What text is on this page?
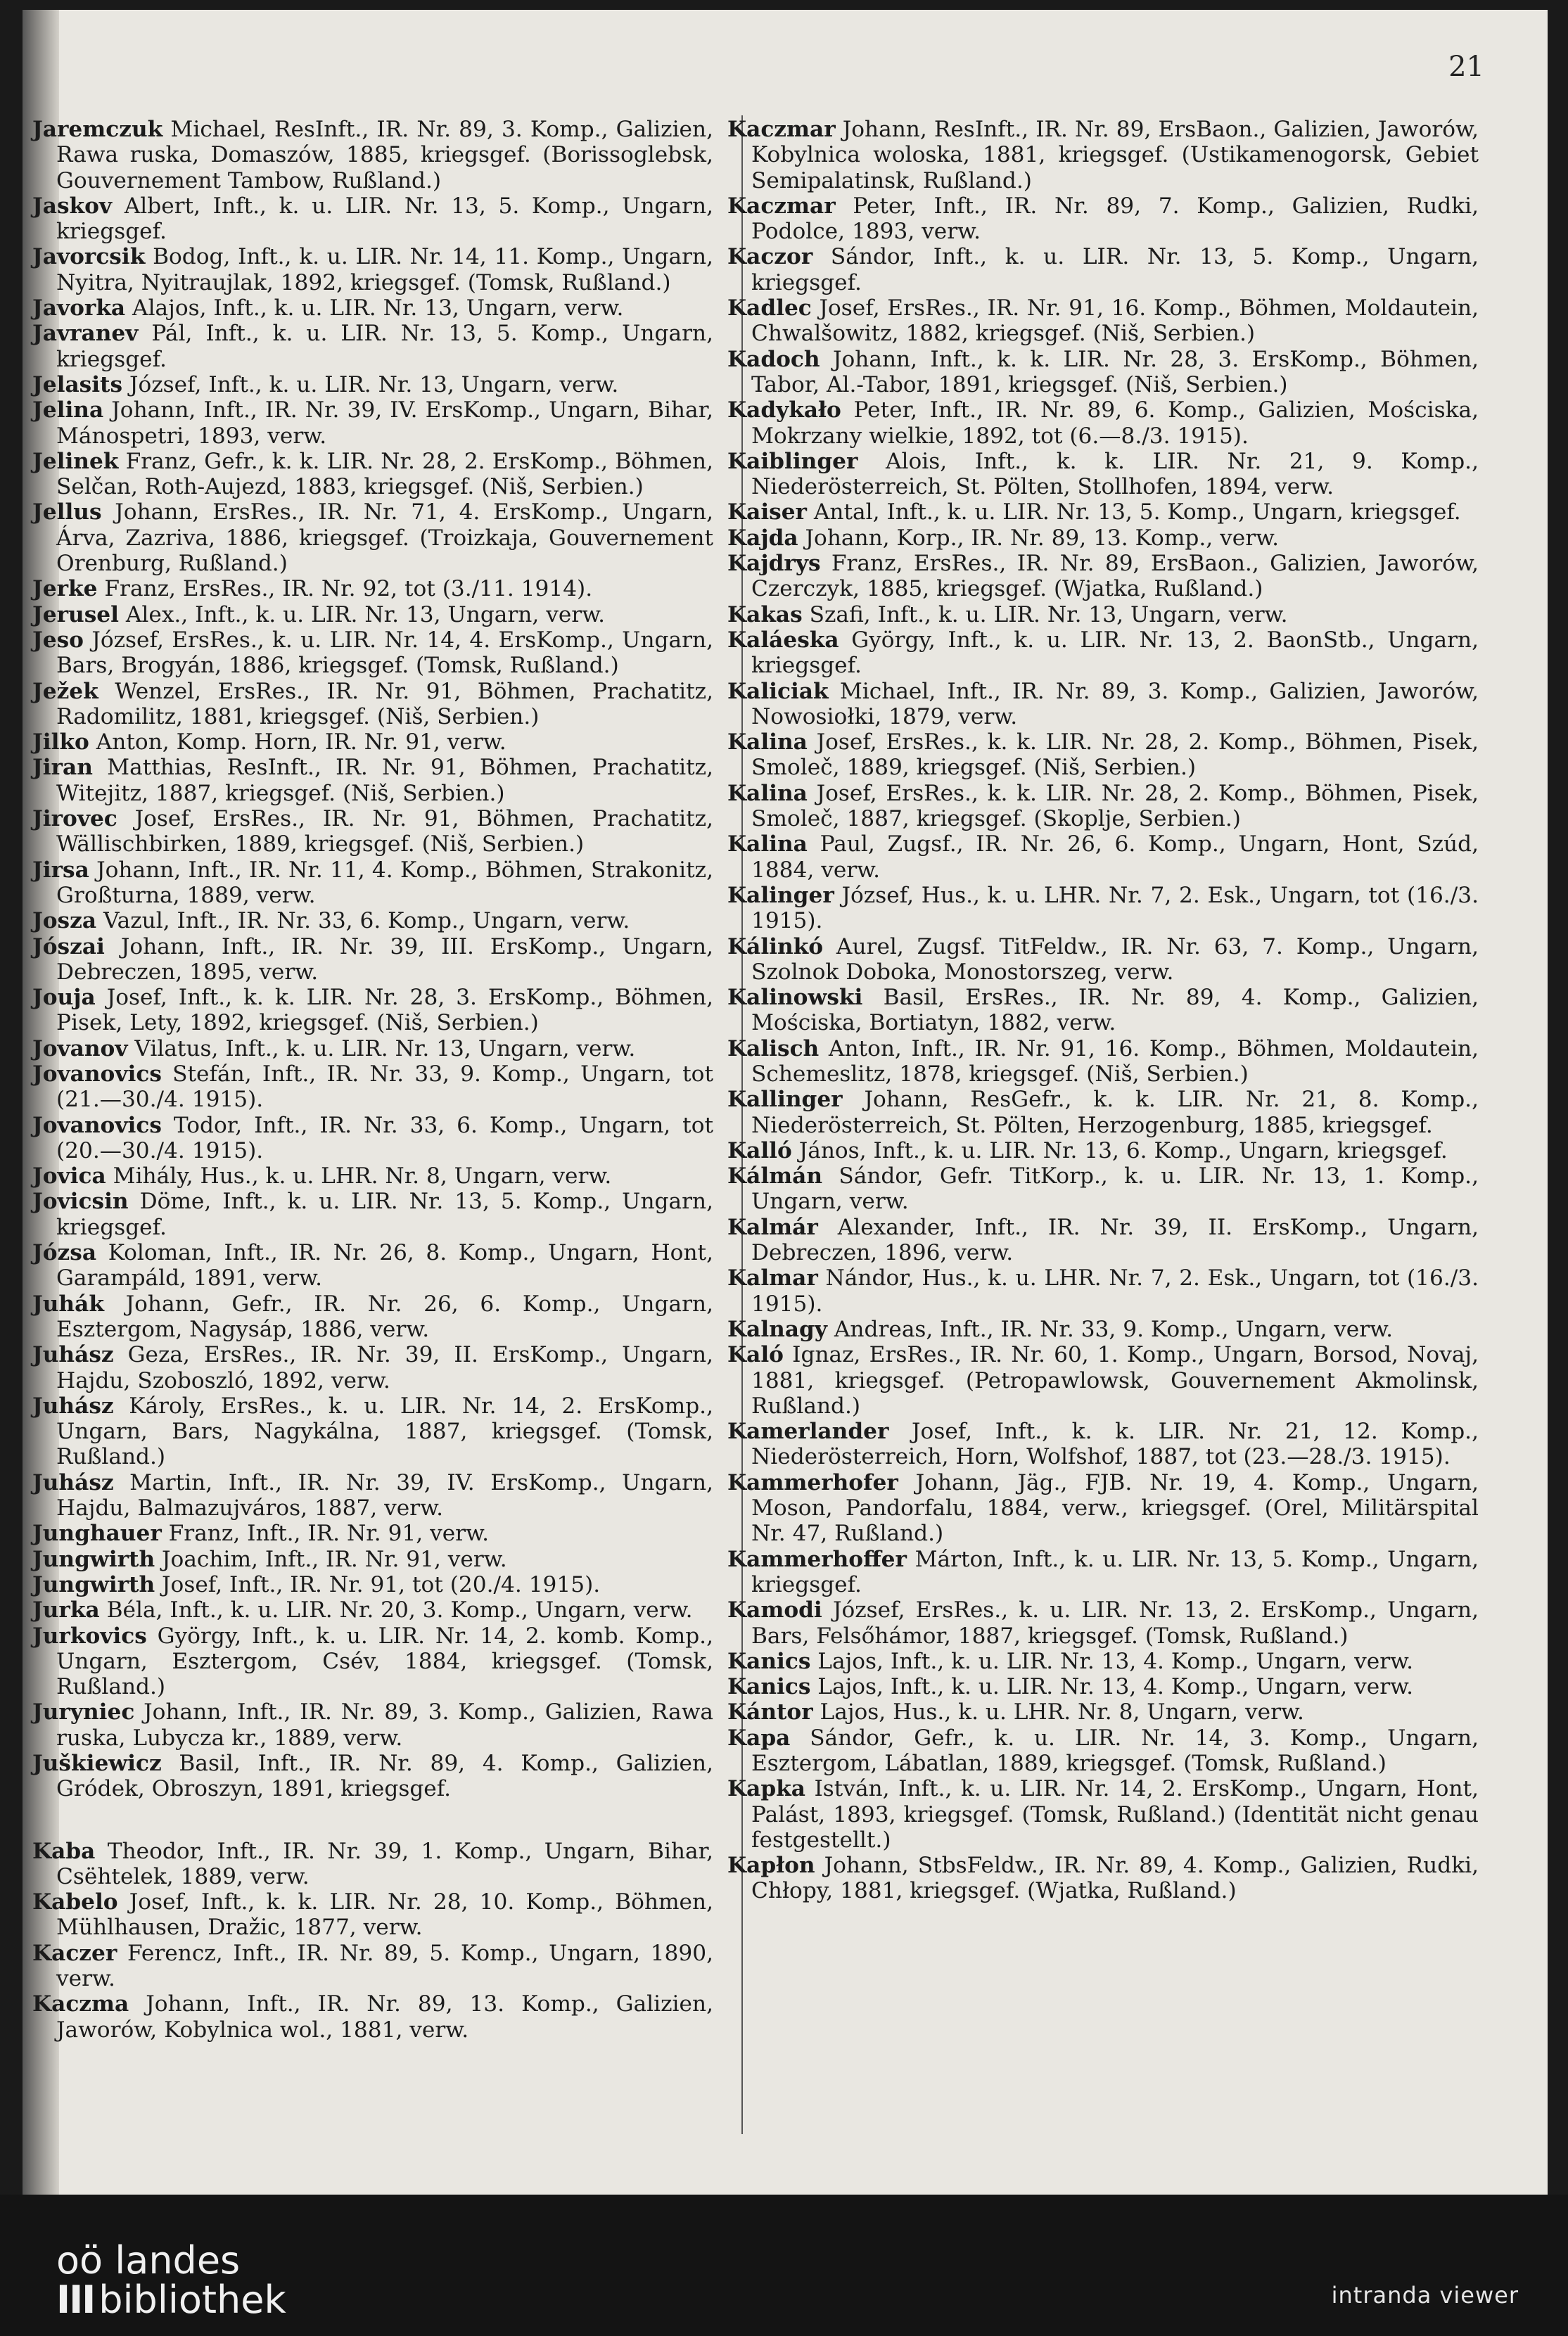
21
Jaremczuk Michael, ResInft., IR. Nr. 89, 3. Komp., Galizien, Rawa ruska, Domaszów, 1885, kriegsgef. (Borissoglebsk, Gouvernement Tambow, Rußland.)
Jaskov Albert, Inft., k. u. LIR. Nr. 13, 5. Komp., Ungarn, kriegsgef.
Javorcsik Bodog, Inft., k. u. LIR. Nr. 14, 11. Komp., Ungarn, Nyitra, Nyitraujlak, 1892, kriegsgef. (Tomsk, Rußland.)
Javorka Alajos, Inft., k. u. LIR. Nr. 13, Ungarn, verw.
Javranev Pál, Inft., k. u. LIR. Nr. 13, 5. Komp., Ungarn, kriegsgef.
Jelasits József, Inft., k. u. LIR. Nr. 13, Ungarn, verw.
Jelina Johann, Inft., IR. Nr. 39, IV. ErsKomp., Ungarn, Bihar, Mánospetri, 1893, verw.
Jelinek Franz, Gefr., k. k. LIR. Nr. 28, 2. ErsKomp., Böhmen, Selčan, Roth-Aujezd, 1883, kriegsgef. (Niš, Serbien.)
Jellus Johann, ErsRes., IR. Nr. 71, 4. ErsKomp., Ungarn, Árva, Zazriva, 1886, kriegsgef. (Troizkaja, Gouvernement Orenburg, Rußland.)
Jerke Franz, ErsRes., IR. Nr. 92, tot (3./11. 1914).
Jerusel Alex., Inft., k. u. LIR. Nr. 13, Ungarn, verw.
Jeso József, ErsRes., k. u. LIR. Nr. 14, 4. ErsKomp., Ungarn, Bars, Brogyán, 1886, kriegsgef. (Tomsk, Rußland.)
Ježek Wenzel, ErsRes., IR. Nr. 91, Böhmen, Prachatitz, Radomilitz, 1881, kriegsgef. (Niš, Serbien.)
Jilko Anton, Komp. Horn, IR. Nr. 91, verw.
Jiran Matthias, ResInft., IR. Nr. 91, Böhmen, Prachatitz, Witejitz, 1887, kriegsgef. (Niš, Serbien.)
Jirovec Josef, ErsRes., IR. Nr. 91, Böhmen, Prachatitz, Wällischbirken, 1889, kriegsgef. (Niš, Serbien.)
Jirsa Johann, Inft., IR. Nr. 11, 4. Komp., Böhmen, Strakonitz, Großturna, 1889, verw.
Josza Vazul, Inft., IR. Nr. 33, 6. Komp., Ungarn, verw.
Jószai Johann, Inft., IR. Nr. 39, III. ErsKomp., Ungarn, Debreczen, 1895, verw.
Jouja Josef, Inft., k. k. LIR. Nr. 28, 3. ErsKomp., Böhmen, Pisek, Lety, 1892, kriegsgef. (Niš, Serbien.)
Jovanov Vilatus, Inft., k. u. LIR. Nr. 13, Ungarn, verw.
Jovanovics Stefán, Inft., IR. Nr. 33, 9. Komp., Ungarn, tot (21.—30./4. 1915).
Jovanovics Todor, Inft., IR. Nr. 33, 6. Komp., Ungarn, tot (20.—30./4. 1915).
Jovica Mihály, Hus., k. u. LHR. Nr. 8, Ungarn, verw.
Jovicsin Döme, Inft., k. u. LIR. Nr. 13, 5. Komp., Ungarn, kriegsgef.
Józsa Koloman, Inft., IR. Nr. 26, 8. Komp., Ungarn, Hont, Garampáld, 1891, verw.
Juhák Johann, Gefr., IR. Nr. 26, 6. Komp., Ungarn, Esztergom, Nagysáp, 1886, verw.
Juhász Geza, ErsRes., IR. Nr. 39, II. ErsKomp., Ungarn, Hajdu, Szoboszló, 1892, verw.
Juhász Károly, ErsRes., k. u. LIR. Nr. 14, 2. ErsKomp., Ungarn, Bars, Nagykálna, 1887, kriegsgef. (Tomsk, Rußland.)
Juhász Martin, Inft., IR. Nr. 39, IV. ErsKomp., Ungarn, Hajdu, Balmazujváros, 1887, verw.
Junghauer Franz, Inft., IR. Nr. 91, verw.
Jungwirth Joachim, Inft., IR. Nr. 91, verw.
Jungwirth Josef, Inft., IR. Nr. 91, tot (20./4. 1915).
Jurka Béla, Inft., k. u. LIR. Nr. 20, 3. Komp., Ungarn, verw.
Jurkovics György, Inft., k. u. LIR. Nr. 14, 2. komb. Komp., Ungarn, Esztergom, Csév, 1884, kriegsgef. (Tomsk, Rußland.)
Juryniec Johann, Inft., IR. Nr. 89, 3. Komp., Galizien, Rawa ruska, Lubycza kr., 1889, verw.
Juškiewicz Basil, Inft., IR. Nr. 89, 4. Komp., Galizien, Gródek, Obroszyn, 1891, kriegsgef.
Kaba Theodor, Inft., IR. Nr. 39, 1. Komp., Ungarn, Bihar, Csëhtelek, 1889, verw.
Kabelo Josef, Inft., k. k. LIR. Nr. 28, 10. Komp., Böhmen, Mühlhausen, Dražic, 1877, verw.
Kaczer Ferencz, Inft., IR. Nr. 89, 5. Komp., Ungarn, 1890, verw.
Kaczma Johann, Inft., IR. Nr. 89, 13. Komp., Galizien, Jaworów, Kobylnica wol., 1881, verw.
Kaczmar Johann, ResInft., IR. Nr. 89, ErsBaon., Galizien, Jaworów, Kobylnica woloska, 1881, kriegsgef. (Ustikamenogorsk, Gebiet Semipalatinsk, Rußland.)
Kaczmar Peter, Inft., IR. Nr. 89, 7. Komp., Galizien, Rudki, Podolce, 1893, verw.
Kaczor Sándor, Inft., k. u. LIR. Nr. 13, 5. Komp., Ungarn, kriegsgef.
Kadlec Josef, ErsRes., IR. Nr. 91, 16. Komp., Böhmen, Moldautein, Chwalšowitz, 1882, kriegsgef. (Niš, Serbien.)
Kadoch Johann, Inft., k. k. LIR. Nr. 28, 3. ErsKomp., Böhmen, Tabor, Al.-Tabor, 1891, kriegsgef. (Niš, Serbien.)
Kadykało Peter, Inft., IR. Nr. 89, 6. Komp., Galizien, Mościska, Mokrzany wielkie, 1892, tot (6.—8./3. 1915).
Kaiblinger Alois, Inft., k. k. LIR. Nr. 21, 9. Komp., Niederösterreich, St. Pölten, Stollhofen, 1894, verw.
Kaiser Antal, Inft., k. u. LIR. Nr. 13, 5. Komp., Ungarn, kriegsgef.
Kajda Johann, Korp., IR. Nr. 89, 13. Komp., verw.
Kajdrys Franz, ErsRes., IR. Nr. 89, ErsBaon., Galizien, Jaworów, Czerczyk, 1885, kriegsgef. (Wjatka, Rußland.)
Kakas Szafi, Inft., k. u. LIR. Nr. 13, Ungarn, verw.
Kaláeska György, Inft., k. u. LIR. Nr. 13, 2. BaonStb., Ungarn, kriegsgef.
Kaliciak Michael, Inft., IR. Nr. 89, 3. Komp., Galizien, Jaworów, Nowosiołki, 1879, verw.
Kalina Josef, ErsRes., k. k. LIR. Nr. 28, 2. Komp., Böhmen, Pisek, Smoleč, 1889, kriegsgef. (Niš, Serbien.)
Kalina Josef, ErsRes., k. k. LIR. Nr. 28, 2. Komp., Böhmen, Pisek, Smoleč, 1887, kriegsgef. (Skoplje, Serbien.)
Kalina Paul, Zugsf., IR. Nr. 26, 6. Komp., Ungarn, Hont, Szúd, 1884, verw.
Kalinger József, Hus., k. u. LHR. Nr. 7, 2. Esk., Ungarn, tot (16./3. 1915).
Kálinkó Aurel, Zugsf. TitFeldw., IR. Nr. 63, 7. Komp., Ungarn, Szolnok Doboka, Monostorszeg, verw.
Kalinowski Basil, ErsRes., IR. Nr. 89, 4. Komp., Galizien, Mościska, Bortiatyn, 1882, verw.
Kalisch Anton, Inft., IR. Nr. 91, 16. Komp., Böhmen, Moldautein, Schemeslitz, 1878, kriegsgef. (Niš, Serbien.)
Kallinger Johann, ResGefr., k. k. LIR. Nr. 21, 8. Komp., Niederösterreich, St. Pölten, Herzogenburg, 1885, kriegsgef.
Kalló János, Inft., k. u. LIR. Nr. 13, 6. Komp., Ungarn, kriegsgef.
Kálmán Sándor, Gefr. TitKorp., k. u. LIR. Nr. 13, 1. Komp., Ungarn, verw.
Kalmár Alexander, Inft., IR. Nr. 39, II. ErsKomp., Ungarn, Debreczen, 1896, verw.
Kalmar Nándor, Hus., k. u. LHR. Nr. 7, 2. Esk., Ungarn, tot (16./3. 1915).
Kalnagy Andreas, Inft., IR. Nr. 33, 9. Komp., Ungarn, verw.
Kaló Ignaz, ErsRes., IR. Nr. 60, 1. Komp., Ungarn, Borsod, Novaj, 1881, kriegsgef. (Petropawlowsk, Gouvernement Akmolinsk, Rußland.)
Kamerlander Josef, Inft., k. k. LIR. Nr. 21, 12. Komp., Niederösterreich, Horn, Wolfshof, 1887, tot (23.—28./3. 1915).
Kammerhofer Johann, Jäg., FJB. Nr. 19, 4. Komp., Ungarn, Moson, Pandorfalu, 1884, verw., kriegsgef. (Orel, Militärspital Nr. 47, Rußland.)
Kammerhoffer Márton, Inft., k. u. LIR. Nr. 13, 5. Komp., Ungarn, kriegsgef.
Kamodi József, ErsRes., k. u. LIR. Nr. 13, 2. ErsKomp., Ungarn, Bars, Felsőhámor, 1887, kriegsgef. (Tomsk, Rußland.)
Kanics Lajos, Inft., k. u. LIR. Nr. 13, 4. Komp., Ungarn, verw.
Kanics Lajos, Inft., k. u. LIR. Nr. 13, 4. Komp., Ungarn, verw.
Kántor Lajos, Hus., k. u. LHR. Nr. 8, Ungarn, verw.
Kapa Sándor, Gefr., k. u. LIR. Nr. 14, 3. Komp., Ungarn, Esztergom, Lábatlan, 1889, kriegsgef. (Tomsk, Rußland.)
Kapka István, Inft., k. u. LIR. Nr. 14, 2. ErsKomp., Ungarn, Hont, Palást, 1893, kriegsgef. (Tomsk, Rußland.) (Identität nicht genau festgestellt.)
Kapłon Johann, StbsFeldw., IR. Nr. 89, 4. Komp., Galizien, Rudki, Chłopy, 1881, kriegsgef. (Wjatka, Rußland.)
oö landes
III bibliothek	intranda viewer
